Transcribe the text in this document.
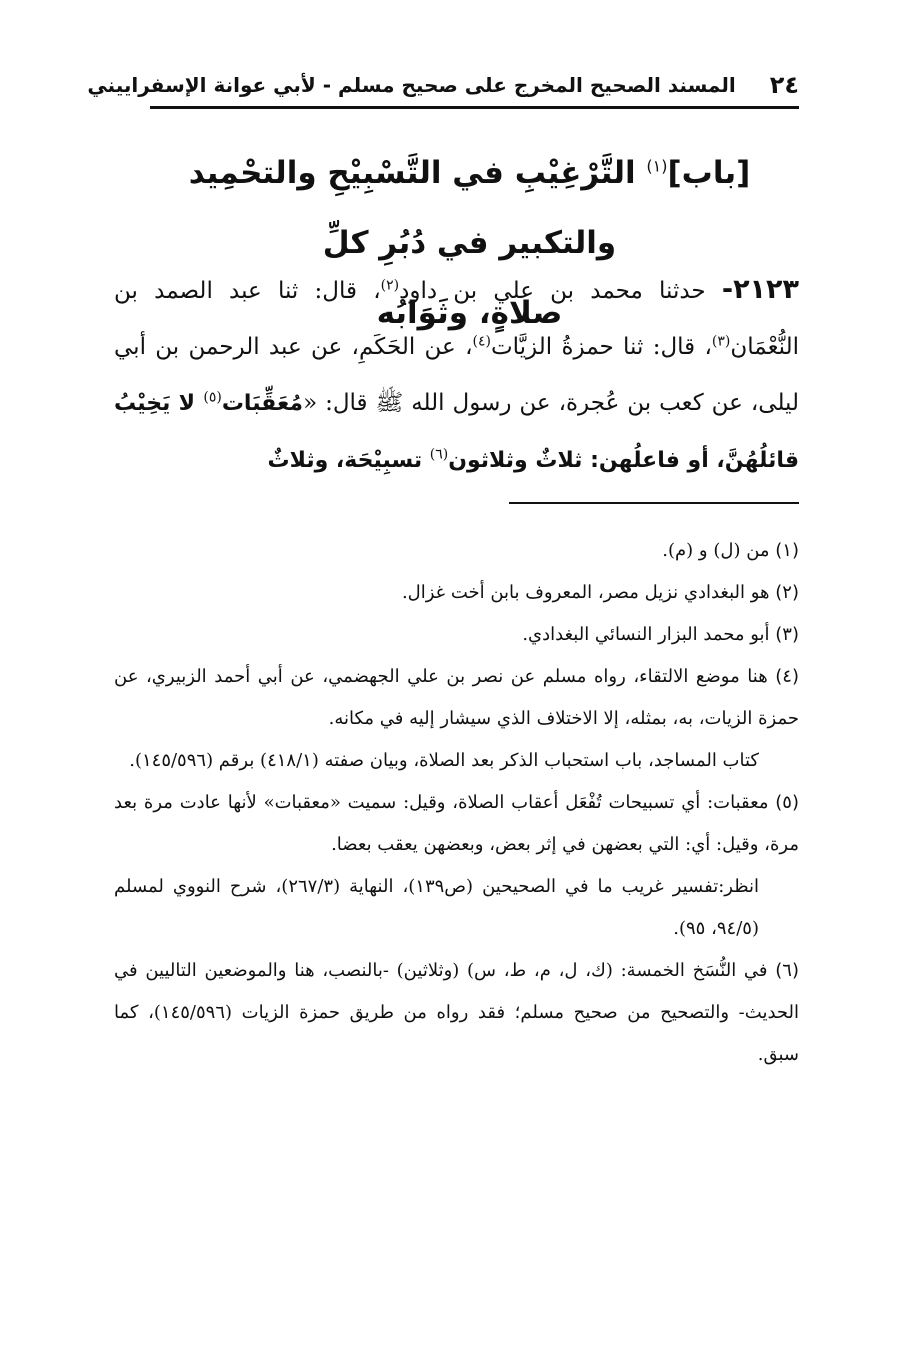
٢٤
المسند الصحيح المخرج على صحيح مسلم - لأبي عوانة الإسفراييني
[باب]$^{(١)}$ التَّرْغِيْبِ في التَّسْبِيْحِ والتحْمِيد والتكبير في دُبُرِ كلِّ
صلاةٍ، وثَوَابُه
٢١٢٣- حدثنا محمد بن علي بن داود$^{(٢)}$، قال: ثنا عبد الصمد بن النُّعْمَان$^{(٣)}$، قال: ثنا حمزةُ الزيَّات$^{(٤)}$، عن الحَكَمِ، عن عبد الرحمن بن أبي ليلى، عن كعب بن عُجرة، عن رسول الله ﷺ قال: «مُعَقِّبَات$^{(٥)}$ لا يَخِيْبُ قائلُهُنَّ، أو فاعلُهن: ثلاثٌ وثلاثون$^{(٦)}$ تسبِيْحَة، وثلاثٌ

(١) من (ل) و (م).

(٢) هو البغدادي نزيل مصر، المعروف بابن أخت غزال.

(٣) أبو محمد البزار النسائي البغدادي.

(٤) هنا موضع الالتقاء، رواه مسلم عن نصر بن علي الجهضمي، عن أبي أحمد الزبيري، عن حمزة الزيات، به، بمثله، إلا الاختلاف الذي سيشار إليه في مكانه.

كتاب المساجد، باب استحباب الذكر بعد الصلاة، وبيان صفته (٤١٨/١) برقم (١٤٥/٥٩٦).

(٥) معقبات: أي تسبيحات تُفْعَل أعقاب الصلاة، وقيل: سميت «معقبات» لأنها عادت مرة بعد مرة، وقيل: أي: التي بعضهن في إثر بعض، وبعضهن يعقب بعضا.

انظر:تفسير غريب ما في الصحيحين (ص١٣٩)، النهاية (٢٦٧/٣)، شرح النووي لمسلم (٩٤/٥، ٩٥).

(٦) في النُّسَخ الخمسة: (ك، ل، م، ط، س) (وثلاثين) -بالنصب، هنا والموضعين التاليين في الحديث- والتصحيح من صحيح مسلم؛ فقد رواه من طريق حمزة الزيات (١٤٥/٥٩٦)، كما سبق.
